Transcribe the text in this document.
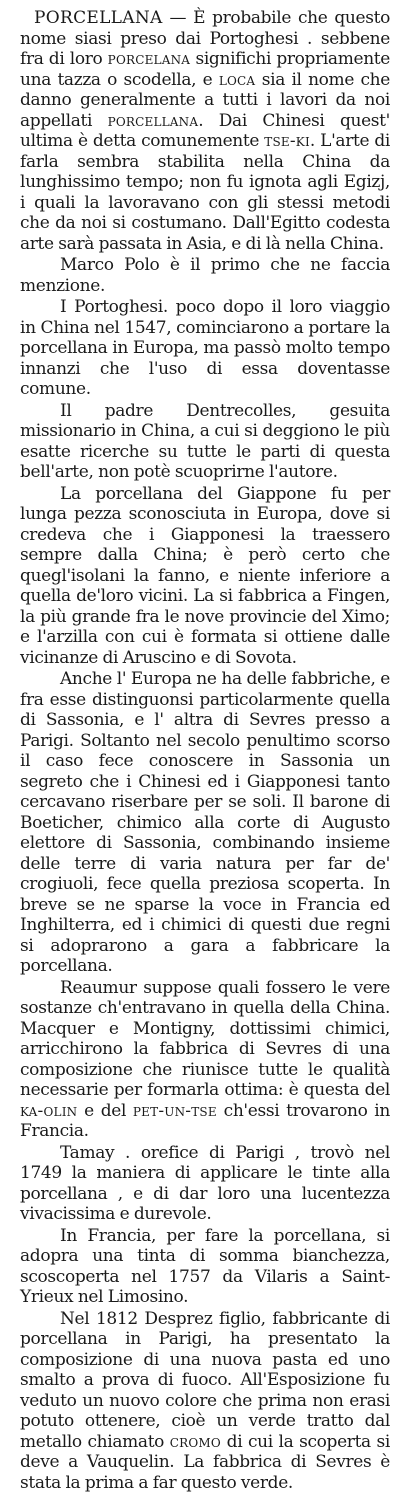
PORCELLANA — È probabile che questo nome siasi preso dai Portoghesi . sebbene fra di loro porcelana significhi propriamente una tazza o scodella, e loca sia il nome che danno generalmente a tutti i lavori da noi appellati porcellana. Dai Chinesi quest' ultima è detta comunemente tse-ki. L'arte di farla sembra stabilita nella China da lunghissimo tempo; non fu ignota agli Egizj, i quali la lavoravano con gli stessi metodi che da noi si costumano. Dall'Egitto codesta arte sarà passata in Asia, e di là nella China.

Marco Polo è il primo che ne faccia menzione.

I Portoghesi. poco dopo il loro viaggio in China nel 1547, cominciarono a portare la porcellana in Europa, ma passò molto tempo innanzi che l'uso di essa doventasse comune.

Il padre Dentrecolles, gesuita missionario in China, a cui si deggiono le più esatte ricerche su tutte le parti di questa bell'arte, non potè scuoprirne l'autore.

La porcellana del Giappone fu per lunga pezza sconosciuta in Europa, dove si credeva che i Giapponesi la traessero sempre dalla China; è però certo che quegl'isolani la fanno, e niente inferiore a quella de'loro vicini. La si fabbrica a Fingen, la più grande fra le nove provincie del Ximo; e l'arzilla con cui è formata si ottiene dalle vicinanze di Aruscino e di Sovota.

Anche l' Europa ne ha delle fabbriche, e fra esse distinguonsi particolarmente quella di Sassonia, e l' altra di Sevres presso a Parigi. Soltanto nel secolo penultimo scorso il caso fece conoscere in Sassonia un segreto che i Chinesi ed i Giapponesi tanto cercavano riserbare per se soli. Il barone di Boeticher, chimico alla corte di Augusto elettore di Sassonia, combinando insieme delle terre di varia natura per far de' crogiuoli, fece quella preziosa scoperta. In breve se ne sparse la voce in Francia ed Inghilterra, ed i chimici di questi due regni si adoprarono a gara a fabbricare la porcellana.

Reaumur suppose quali fossero le vere sostanze ch'entravano in quella della China. Macquer e Montigny, dottissimi chimici, arricchirono la fabbrica di Sevres di una composizione che riunisce tutte le qualità necessarie per formarla ottima: è questa del ka-olin e del pet-un-tse ch'essi trovarono in Francia.

Tamay . orefice di Parigi , trovò nel 1749 la maniera di applicare le tinte alla porcellana , e di dar loro una lucentezza vivacissima e durevole.

In Francia, per fare la porcellana, si adopra una tinta di somma bianchezza, scoscoperta nel 1757 da Vilaris a Saint-Yrieux nel Limosino.

Nel 1812 Desprez figlio, fabbricante di porcellana in Parigi, ha presentato la composizione di una nuova pasta ed uno smalto a prova di fuoco. All'Esposizione fu veduto un nuovo colore che prima non erasi potuto ottenere, cioè un verde tratto dal metallo chiamato cromo di cui la scoperta si deve a Vauquelin. La fabbrica di Sevres è stata la prima a far questo verde.
